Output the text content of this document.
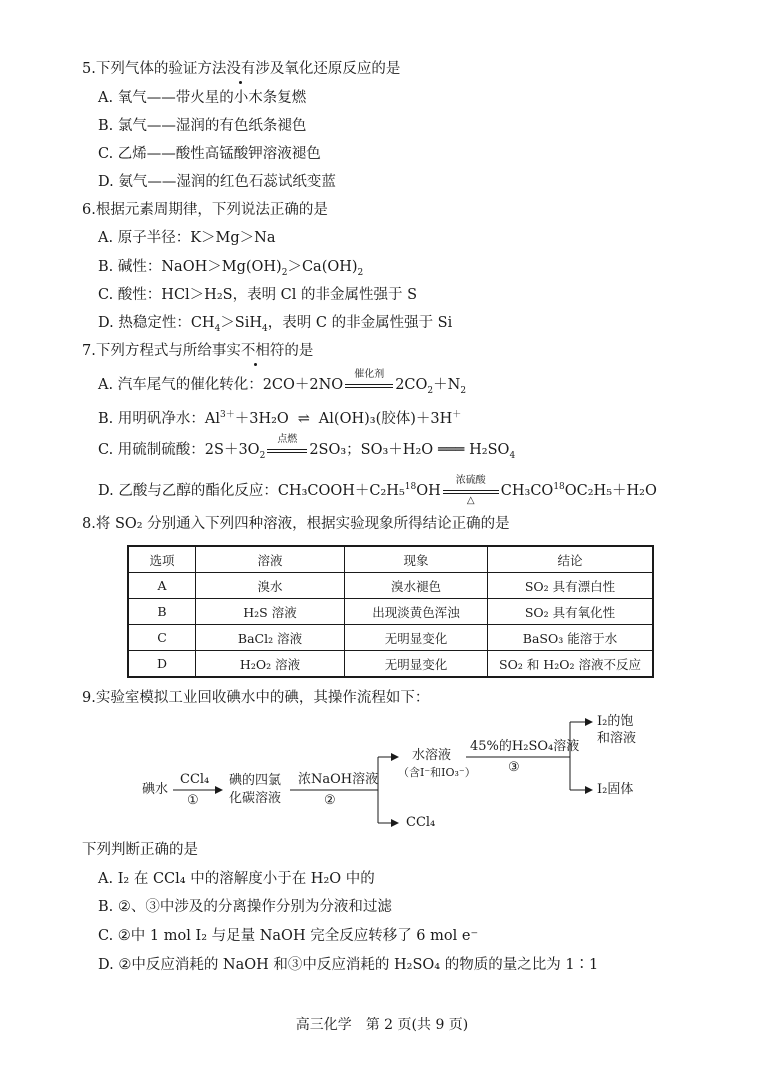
5.下列气体的验证方法没有涉及氧化还原反应的是
A. 氧气——带火星的小木条复燃
B. 氯气——湿润的有色纸条褪色
C. 乙烯——酸性高锰酸钾溶液褪色
D. 氨气——湿润的红色石蕊试纸变蓝
6.根据元素周期律，下列说法正确的是
A. 原子半径：K＞Mg＞Na
B. 碱性：$NaOH>Mg(OH)_2>Ca(OH)_2$
C. 酸性：HCl＞H₂S，表明 Cl 的非金属性强于 S
D. 热稳定性：$CH_4>SiH_4$，表明 C 的非金属性强于 Si
7.下列方程式与所给事实不相符的是
A. 汽车尾气的催化转化：2CO＋2NO
催化剂
$2CO_2+N_2$
B. 用明矾净水：$Al^{3+}+3H_2O$ ⇌ Al(OH)₃(胶体)＋3H＋
C. 用硫制硫酸：$2S+3O_2$
点燃
2SO₃；SO₃＋H₂O ═══ $H_2SO_4$
D. 乙酸与乙醇的酯化反应：CH₃COOH＋C₂H₅$^{18}$OH
浓硫酸
△
$CH_3CO^{18}OC_2H_5+H_2O$
8.将 SO₂ 分别通入下列四种溶液，根据实验现象所得结论正确的是
选项	溶液	现象	结论
A	溴水	溴水褪色	SO₂ 具有漂白性
B	H₂S 溶液	出现淡黄色浑浊	SO₂ 具有氧化性
C	BaCl₂ 溶液	无明显变化	BaSO₃ 能溶于水
D	H₂O₂ 溶液	无明显变化	SO₂ 和 H₂O₂ 溶液不反应
9.实验室模拟工业回收碘水中的碘，其操作流程如下：
碘水
CCl₄
①
碘的四氯
化碳溶液
浓NaOH溶液
②
水溶液
（含I⁻和IO₃⁻）
CCl₄
45%的H₂SO₄溶液
③
I₂的饱
和溶液
I₂固体
下列判断正确的是
A. I₂ 在 CCl₄ 中的溶解度小于在 H₂O 中的
B. ②、③中涉及的分离操作分别为分液和过滤
C. ②中 1 mol I₂ 与足量 NaOH 完全反应转移了 6 mol e⁻
D. ②中反应消耗的 NaOH 和③中反应消耗的 H₂SO₄ 的物质的量之比为 1∶1
高三化学　第 2 页(共 9 页)
